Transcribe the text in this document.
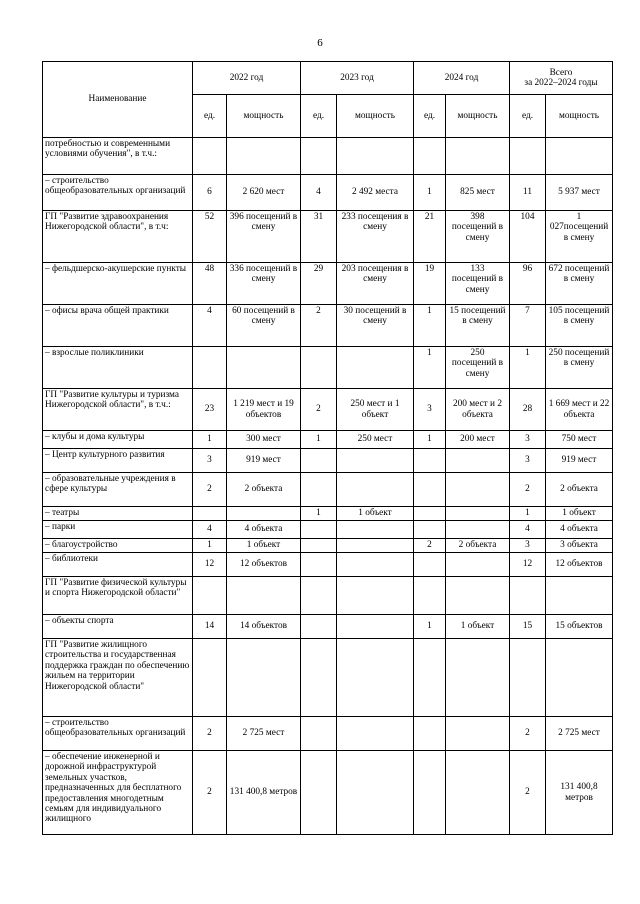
6
Наименование	2022 год		2023 год		2024 год		Всего
за 2022–2024 годы	
	ед.	мощность	ед.	мощность	ед.	мощность	ед.	мощность
потребностью и современными условиями обучения", в т.ч.:								
– строительство общеобразовательных организаций	6	2 620 мест	4	2 492 места	1	825 мест	11	5 937 мест
ГП "Развитие здравоохранения Нижегородской области", в т.ч:	52	396 посещений в смену	31	233 посещения в смену	21	398 посещений в смену	104	1 027посещений в смену
– фельдшерско-акушерские пункты	48	336 посещений в смену	29	203 посещения в смену	19	133 посещений в смену	96	672 посещений в смену
– офисы врача общей практики	4	60 посещений в смену	2	30 посещений в смену	1	15 посещений в смену	7	105 посещений в смену
– взрослые поликлиники					1	250 посещений в смену	1	250 посещений в смену
ГП "Развитие культуры и туризма Нижегородской области", в т.ч.:	23	1 219 мест и 19 объектов	2	250 мест и 1 объект	3	200 мест и 2 объекта	28	1 669 мест и 22 объекта
– клубы и дома культуры	1	300 мест	1	250 мест	1	200 мест	3	750 мест
– Центр культурного развития	3	919 мест					3	919 мест
– образовательные учреждения в сфере культуры	2	2 объекта					2	2 объекта
– театры			1	1 объект			1	1 объект
– парки	4	4 объекта					4	4 объекта
– благоустройство	1	1 объект			2	2 объекта	3	3 объекта
– библиотеки	12	12 объектов					12	12 объектов
ГП "Развитие физической культуры и спорта Нижегородской области"								
– объекты спорта	14	14 объектов			1	1 объект	15	15 объектов
ГП "Развитие жилищного строительства и государственная поддержка граждан по обеспечению жильем на территории Нижегородской области"								
– строительство общеобразовательных организаций	2	2 725 мест					2	2 725 мест
– обеспечение инженерной и дорожной инфраструктурой земельных участков, предназначенных для бесплатного предоставления многодетным семьям для индивидуального жилищного	2	131 400,8 метров					2	131 400,8 метров
